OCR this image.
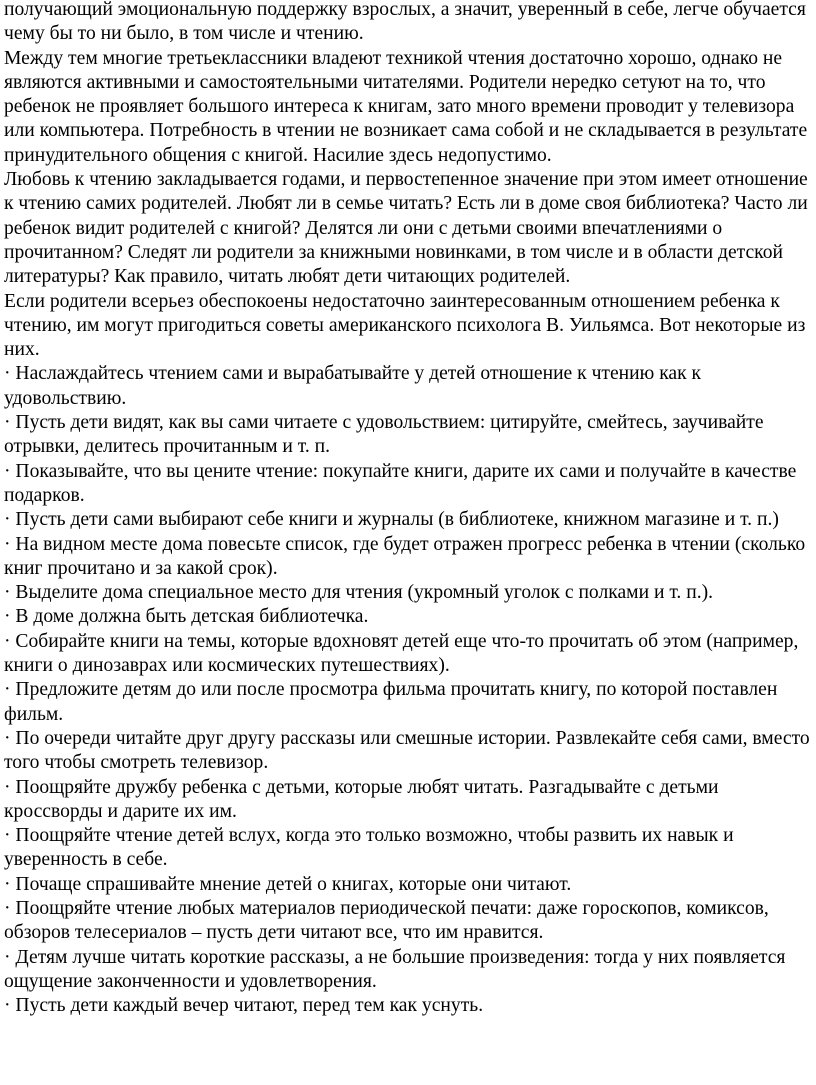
получающий эмоциональную поддержку взрослых, а значит, уверенный в себе, легче обучается чему бы то ни было, в том числе и чтению.

Между тем многие третьеклассники владеют техникой чтения достаточно хорошо, однако не являются активными и самостоятельными читателями. Родители нередко сетуют на то, что ребенок не проявляет большого интереса к книгам, зато много времени проводит у телевизора или компьютера. Потребность в чтении не возникает сама собой и не складывается в результате принудительного общения с книгой. Насилие здесь недопустимо.

Любовь к чтению закладывается годами, и первостепенное значение при этом имеет отношение к чтению самих родителей. Любят ли в семье читать? Есть ли в доме своя библиотека? Часто ли ребенок видит родителей с книгой? Делятся ли они с детьми своими впечатлениями о прочитанном? Следят ли родители за книжными новинками, в том числе и в области детской литературы? Как правило, читать любят дети читающих родителей.

Если родители всерьез обеспокоены недостаточно заинтересованным отношением ребенка к чтению, им могут пригодиться советы американского психолога В. Уильямса. Вот некоторые из них.

· Наслаждайтесь чтением сами и вырабатывайте у детей отношение к чтению как к удовольствию.

· Пусть дети видят, как вы сами читаете с удовольствием: цитируйте, смейтесь, заучивайте отрывки, делитесь прочитанным и т. п.

· Показывайте, что вы цените чтение: покупайте книги, дарите их сами и получайте в качестве подарков.

· Пусть дети сами выбирают себе книги и журналы (в библиотеке, книжном магазине и т. п.)

· На видном месте дома повесьте список, где будет отражен прогресс ребенка в чтении (сколько книг прочитано и за какой срок).

· Выделите дома специальное место для чтения (укромный уголок с полками и т. п.).

· В доме должна быть детская библиотечка.

· Собирайте книги на темы, которые вдохновят детей еще что-то прочитать об этом (например, книги о динозаврах или космических путешествиях).

· Предложите детям до или после просмотра фильма прочитать книгу, по которой поставлен фильм.

· По очереди читайте друг другу рассказы или смешные истории. Развлекайте себя сами, вместо того чтобы смотреть телевизор.

· Поощряйте дружбу ребенка с детьми, которые любят читать. Разгадывайте с детьми кроссворды и дарите их им.

· Поощряйте чтение детей вслух, когда это только возможно, чтобы развить их навык и уверенность в себе.

· Почаще спрашивайте мнение детей о книгах, которые они читают.

· Поощряйте чтение любых материалов периодической печати: даже гороскопов, комиксов, обзоров телесериалов – пусть дети читают все, что им нравится.

· Детям лучше читать короткие рассказы, а не большие произведения: тогда у них появляется ощущение законченности и удовлетворения.

· Пусть дети каждый вечер читают, перед тем как уснуть.
